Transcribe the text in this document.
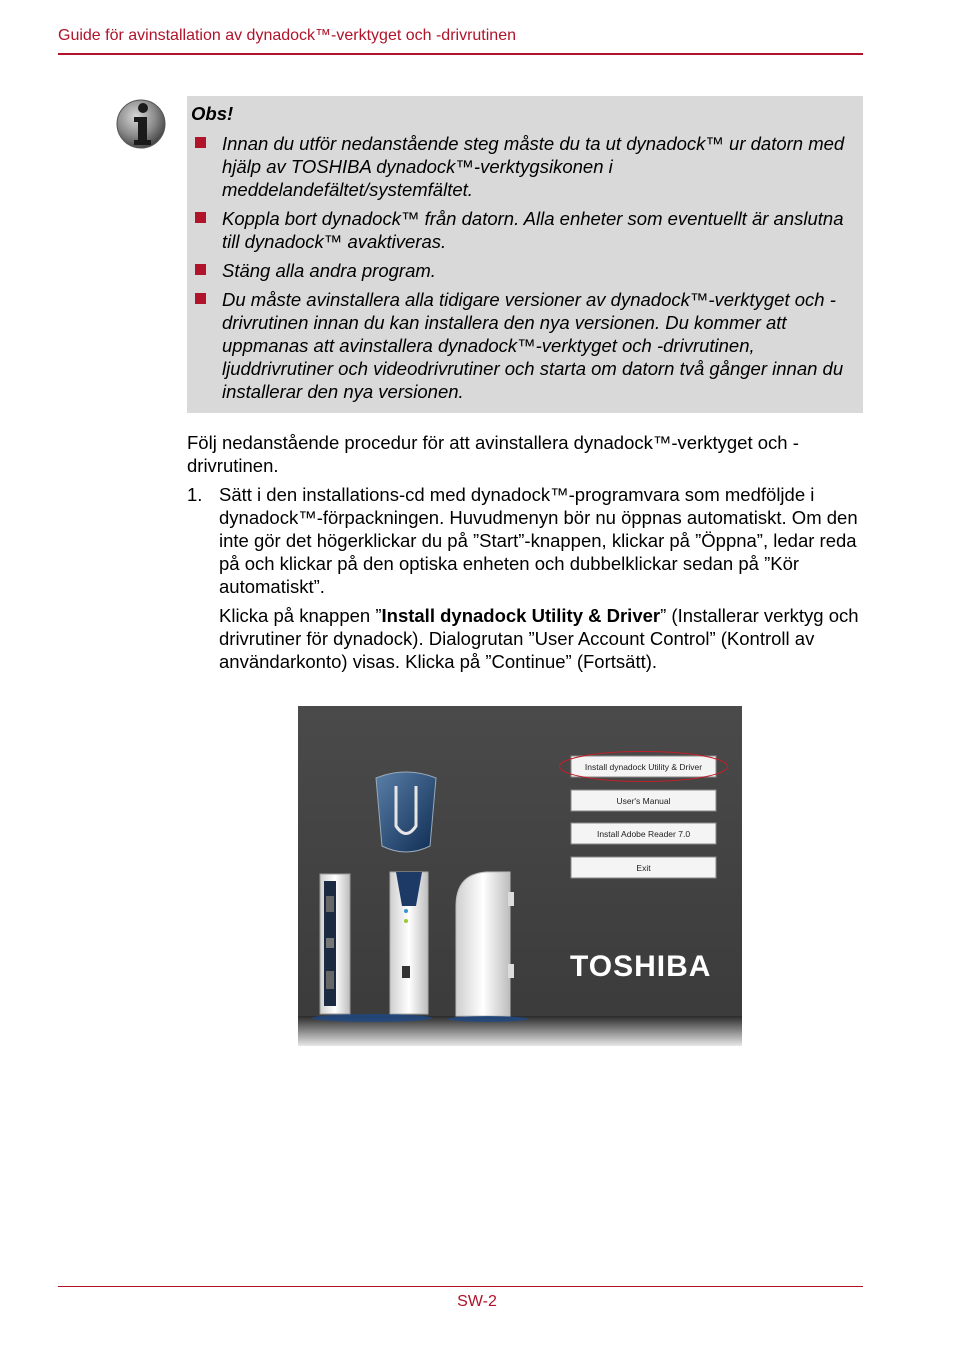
Guide för avinstallation av dynadock™-verktyget och -drivrutinen
Obs!
Innan du utför nedanstående steg måste du ta ut dynadock™ ur datorn med hjälp av TOSHIBA dynadock™-verktygsikonen i meddelandefältet/systemfältet.
Koppla bort dynadock™ från datorn. Alla enheter som eventuellt är anslutna till dynadock™ avaktiveras.
Stäng alla andra program.
Du måste avinstallera alla tidigare versioner av dynadock™-verktyget och -drivrutinen innan du kan installera den nya versionen. Du kommer att uppmanas att avinstallera dynadock™-verktyget och -drivrutinen, ljuddrivrutiner och videodrivrutiner och starta om datorn två gånger innan du installerar den nya versionen.
Följ nedanstående procedur för att avinstallera dynadock™-verktyget och -drivrutinen.
1. Sätt i den installations-cd med dynadock™-programvara som medföljde i dynadock™-förpackningen. Huvudmenyn bör nu öppnas automatiskt. Om den inte gör det högerklickar du på ”Start”-knappen, klickar på ”Öppna”, ledar reda på och klickar på den optiska enheten och dubbelklickar sedan på ”Kör automatiskt”.
Klicka på knappen ”Install dynadock Utility & Driver” (Installerar verktyg och drivrutiner för dynadock). Dialogrutan ”User Account Control” (Kontroll av användarkonto) visas. Klicka på ”Continue” (Fortsätt).
Install dynadock Utility & Driver
User's Manual
Install Adobe Reader 7.0
Exit
TOSHIBA
SW-2
